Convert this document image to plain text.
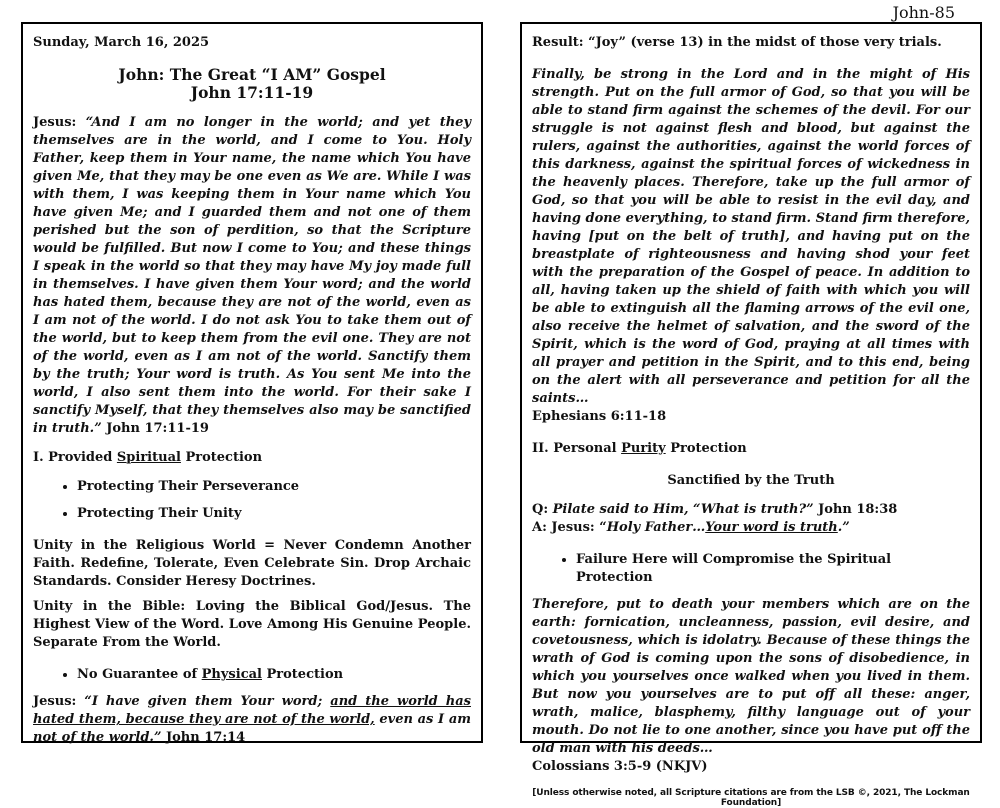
John-85

Sunday, March 16, 2025

John: The Great “I AM” Gospel
John 17:11-19

Jesus: “And I am no longer in the world; and yet they themselves are in the world, and I come to You. Holy Father, keep them in Your name, the name which You have given Me, that they may be one even as We are. While I was with them, I was keeping them in Your name which You have given Me; and I guarded them and not one of them perished but the son of perdition, so that the Scripture would be fulfilled. But now I come to You; and these things I speak in the world so that they may have My joy made full in themselves. I have given them Your word; and the world has hated them, because they are not of the world, even as I am not of the world. I do not ask You to take them out of the world, but to keep them from the evil one. They are not of the world, even as I am not of the world. Sanctify them by the truth; Your word is truth. As You sent Me into the world, I also sent them into the world. For their sake I sanctify Myself, that they themselves also may be sanctified in truth.” John 17:11-19

I. Provided Spiritual Protection

• Protecting Their Perseverance
• Protecting Their Unity

Unity in the Religious World = Never Condemn Another Faith. Redefine, Tolerate, Even Celebrate Sin. Drop Archaic Standards. Consider Heresy Doctrines.

Unity in the Bible: Loving the Biblical God/Jesus. The Highest View of the Word. Love Among His Genuine People. Separate From the World.

• No Guarantee of Physical Protection

Jesus: “I have given them Your word; and the world has hated them, because they are not of the world, even as I am not of the world.” John 17:14

Result: “Joy” (verse 13) in the midst of those very trials.

Finally, be strong in the Lord and in the might of His strength. Put on the full armor of God, so that you will be able to stand firm against the schemes of the devil. For our struggle is not against flesh and blood, but against the rulers, against the authorities, against the world forces of this darkness, against the spiritual forces of wickedness in the heavenly places. Therefore, take up the full armor of God, so that you will be able to resist in the evil day, and having done everything, to stand firm. Stand firm therefore, having [put on the belt of truth], and having put on the breastplate of righteousness and having shod your feet with the preparation of the Gospel of peace. In addition to all, having taken up the shield of faith with which you will be able to extinguish all the flaming arrows of the evil one, also receive the helmet of salvation, and the sword of the Spirit, which is the word of God, praying at all times with all prayer and petition in the Spirit, and to this end, being on the alert with all perseverance and petition for all the saints…

Ephesians 6:11-18

II. Personal Purity Protection

Sanctified by the Truth

Q: Pilate said to Him, “What is truth?” John 18:38

A: Jesus: “Holy Father…Your word is truth.”

• Failure Here will Compromise the Spiritual Protection

Therefore, put to death your members which are on the earth: fornication, uncleanness, passion, evil desire, and covetousness, which is idolatry. Because of these things the wrath of God is coming upon the sons of disobedience, in which you yourselves once walked when you lived in them. But now you yourselves are to put off all these: anger, wrath, malice, blasphemy, filthy language out of your mouth. Do not lie to one another, since you have put off the old man with his deeds…

Colossians 3:5-9 (NKJV)

[Unless otherwise noted, all Scripture citations are from the LSB ©, 2021, The Lockman Foundation]
